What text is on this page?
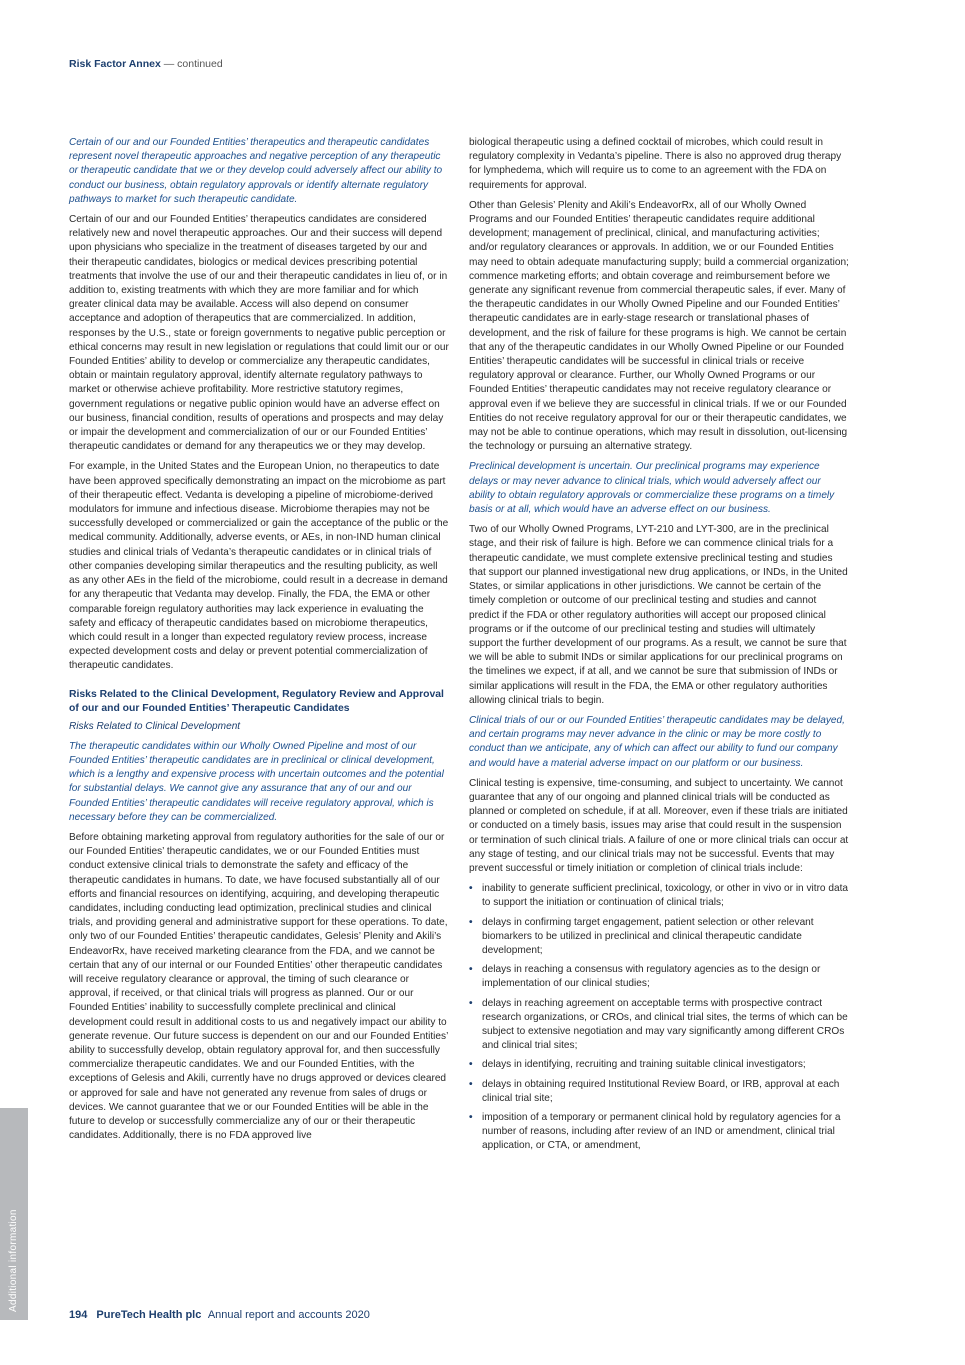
Risk Factor Annex — continued

Certain of our and our Founded Entities’ therapeutics and therapeutic candidates represent novel therapeutic approaches and negative perception of any therapeutic or therapeutic candidate that we or they develop could adversely affect our ability to conduct our business, obtain regulatory approvals or identify alternate regulatory pathways to market for such therapeutic candidate.

Certain of our and our Founded Entities’ therapeutics candidates are considered relatively new and novel therapeutic approaches. Our and their success will depend upon physicians who specialize in the treatment of diseases targeted by our and their therapeutic candidates, biologics or medical devices prescribing potential treatments that involve the use of our and their therapeutic candidates in lieu of, or in addition to, existing treatments with which they are more familiar and for which greater clinical data may be available. Access will also depend on consumer acceptance and adoption of therapeutics that are commercialized. In addition, responses by the U.S., state or foreign governments to negative public perception or ethical concerns may result in new legislation or regulations that could limit our or our Founded Entities’ ability to develop or commercialize any therapeutic candidates, obtain or maintain regulatory approval, identify alternate regulatory pathways to market or otherwise achieve profitability. More restrictive statutory regimes, government regulations or negative public opinion would have an adverse effect on our business, financial condition, results of operations and prospects and may delay or impair the development and commercialization of our or our Founded Entities’ therapeutic candidates or demand for any therapeutics we or they may develop.

For example, in the United States and the European Union, no therapeutics to date have been approved specifically demonstrating an impact on the microbiome as part of their therapeutic effect. Vedanta is developing a pipeline of microbiome-derived modulators for immune and infectious disease. Microbiome therapies may not be successfully developed or commercialized or gain the acceptance of the public or the medical community. Additionally, adverse events, or AEs, in non-IND human clinical studies and clinical trials of Vedanta’s therapeutic candidates or in clinical trials of other companies developing similar therapeutics and the resulting publicity, as well as any other AEs in the field of the microbiome, could result in a decrease in demand for any therapeutic that Vedanta may develop. Finally, the FDA, the EMA or other comparable foreign regulatory authorities may lack experience in evaluating the safety and efficacy of therapeutic candidates based on microbiome therapeutics, which could result in a longer than expected regulatory review process, increase expected development costs and delay or prevent potential commercialization of therapeutic candidates.

Risks Related to the Clinical Development, Regulatory Review and Approval of our and our Founded Entities’ Therapeutic Candidates

Risks Related to Clinical Development

The therapeutic candidates within our Wholly Owned Pipeline and most of our Founded Entities’ therapeutic candidates are in preclinical or clinical development, which is a lengthy and expensive process with uncertain outcomes and the potential for substantial delays. We cannot give any assurance that any of our and our Founded Entities’ therapeutic candidates will receive regulatory approval, which is necessary before they can be commercialized.

Before obtaining marketing approval from regulatory authorities for the sale of our or our Founded Entities’ therapeutic candidates, we or our Founded Entities must conduct extensive clinical trials to demonstrate the safety and efficacy of the therapeutic candidates in humans. To date, we have focused substantially all of our efforts and financial resources on identifying, acquiring, and developing therapeutic candidates, including conducting lead optimization, preclinical studies and clinical trials, and providing general and administrative support for these operations. To date, only two of our Founded Entities’ therapeutic candidates, Gelesis’ Plenity and Akili’s EndeavorRx, have received marketing clearance from the FDA, and we cannot be certain that any of our internal or our Founded Entities’ other therapeutic candidates will receive regulatory clearance or approval, the timing of such clearance or approval, if received, or that clinical trials will progress as planned. Our or our Founded Entities’ inability to successfully complete preclinical and clinical development could result in additional costs to us and negatively impact our ability to generate revenue. Our future success is dependent on our and our Founded Entities’ ability to successfully develop, obtain regulatory approval for, and then successfully commercialize therapeutic candidates. We and our Founded Entities, with the exceptions of Gelesis and Akili, currently have no drugs approved or devices cleared or approved for sale and have not generated any revenue from sales of drugs or devices. We cannot guarantee that we or our Founded Entities will be able in the future to develop or successfully commercialize any of our or their therapeutic candidates. Additionally, there is no FDA approved live

biological therapeutic using a defined cocktail of microbes, which could result in regulatory complexity in Vedanta’s pipeline. There is also no approved drug therapy for lymphedema, which will require us to come to an agreement with the FDA on requirements for approval.

Other than Gelesis’ Plenity and Akili’s EndeavorRx, all of our Wholly Owned Programs and our Founded Entities’ therapeutic candidates require additional development; management of preclinical, clinical, and manufacturing activities; and/or regulatory clearances or approvals. In addition, we or our Founded Entities may need to obtain adequate manufacturing supply; build a commercial organization; commence marketing efforts; and obtain coverage and reimbursement before we generate any significant revenue from commercial therapeutic sales, if ever. Many of the therapeutic candidates in our Wholly Owned Pipeline and our Founded Entities’ therapeutic candidates are in early-stage research or translational phases of development, and the risk of failure for these programs is high. We cannot be certain that any of the therapeutic candidates in our Wholly Owned Pipeline or our Founded Entities’ therapeutic candidates will be successful in clinical trials or receive regulatory approval or clearance. Further, our Wholly Owned Programs or our Founded Entities’ therapeutic candidates may not receive regulatory clearance or approval even if we believe they are successful in clinical trials. If we or our Founded Entities do not receive regulatory approval for our or their therapeutic candidates, we may not be able to continue operations, which may result in dissolution, out-licensing the technology or pursuing an alternative strategy.

Preclinical development is uncertain. Our preclinical programs may experience delays or may never advance to clinical trials, which would adversely affect our ability to obtain regulatory approvals or commercialize these programs on a timely basis or at all, which would have an adverse effect on our business.

Two of our Wholly Owned Programs, LYT-210 and LYT-300, are in the preclinical stage, and their risk of failure is high. Before we can commence clinical trials for a therapeutic candidate, we must complete extensive preclinical testing and studies that support our planned investigational new drug applications, or INDs, in the United States, or similar applications in other jurisdictions. We cannot be certain of the timely completion or outcome of our preclinical testing and studies and cannot predict if the FDA or other regulatory authorities will accept our proposed clinical programs or if the outcome of our preclinical testing and studies will ultimately support the further development of our programs. As a result, we cannot be sure that we will be able to submit INDs or similar applications for our preclinical programs on the timelines we expect, if at all, and we cannot be sure that submission of INDs or similar applications will result in the FDA, the EMA or other regulatory authorities allowing clinical trials to begin.

Clinical trials of our or our Founded Entities’ therapeutic candidates may be delayed, and certain programs may never advance in the clinic or may be more costly to conduct than we anticipate, any of which can affect our ability to fund our company and would have a material adverse impact on our platform or our business.

Clinical testing is expensive, time-consuming, and subject to uncertainty. We cannot guarantee that any of our ongoing and planned clinical trials will be conducted as planned or completed on schedule, if at all. Moreover, even if these trials are initiated or conducted on a timely basis, issues may arise that could result in the suspension or termination of such clinical trials. A failure of one or more clinical trials can occur at any stage of testing, and our clinical trials may not be successful. Events that may prevent successful or timely initiation or completion of clinical trials include:

• inability to generate sufficient preclinical, toxicology, or other in vivo or in vitro data to support the initiation or continuation of clinical trials;
• delays in confirming target engagement, patient selection or other relevant biomarkers to be utilized in preclinical and clinical therapeutic candidate development;
• delays in reaching a consensus with regulatory agencies as to the design or implementation of our clinical studies;
• delays in reaching agreement on acceptable terms with prospective contract research organizations, or CROs, and clinical trial sites, the terms of which can be subject to extensive negotiation and may vary significantly among different CROs and clinical trial sites;
• delays in identifying, recruiting and training suitable clinical investigators;
• delays in obtaining required Institutional Review Board, or IRB, approval at each clinical trial site;
• imposition of a temporary or permanent clinical hold by regulatory agencies for a number of reasons, including after review of an IND or amendment, clinical trial application, or CTA, or amendment,
Additional information
194 PureTech Health plc Annual report and accounts 2020
